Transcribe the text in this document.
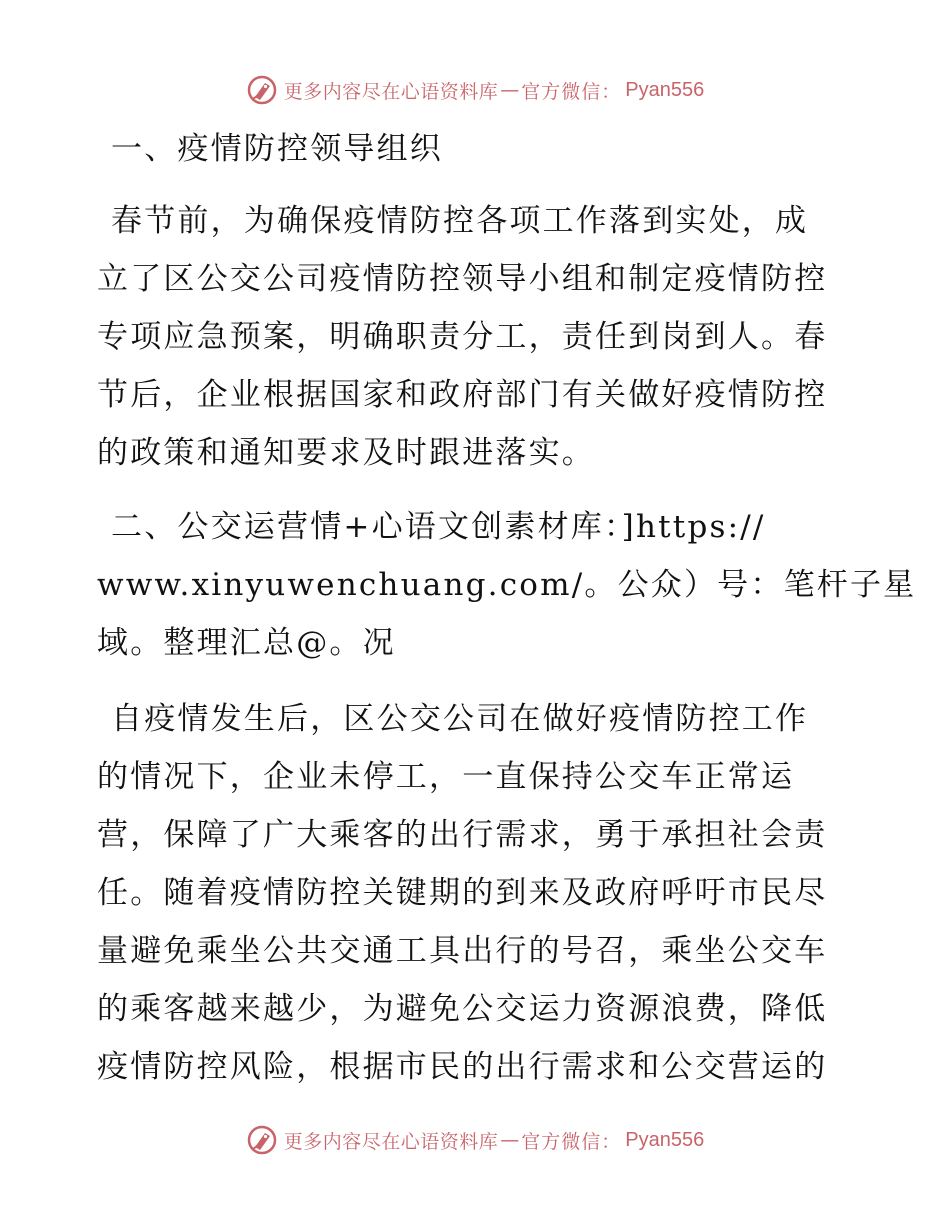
更多内容尽在心语资料库 — 官方微信： Pyan556
一、疫情防控领导组织
春节前，为确保疫情防控各项工作落到实处，成
立了区公交公司疫情防控领导小组和制定疫情防控
专项应急预案，明确职责分工，责任到岗到人。春
节后，企业根据国家和政府部门有关做好疫情防控
的政策和通知要求及时跟进落实。
二、公交运营情+心语文创素材库：]https://
www.xinyuwenchuang.com/。公众）号：笔杆子星
域。整理汇总@。况
自疫情发生后，区公交公司在做好疫情防控工作
的情况下，企业未停工，一直保持公交车正常运
营，保障了广大乘客的出行需求，勇于承担社会责
任。随着疫情防控关键期的到来及政府呼吁市民尽
量避免乘坐公共交通工具出行的号召，乘坐公交车
的乘客越来越少，为避免公交运力资源浪费，降低
疫情防控风险，根据市民的出行需求和公交营运的
更多内容尽在心语资料库 — 官方微信： Pyan556
